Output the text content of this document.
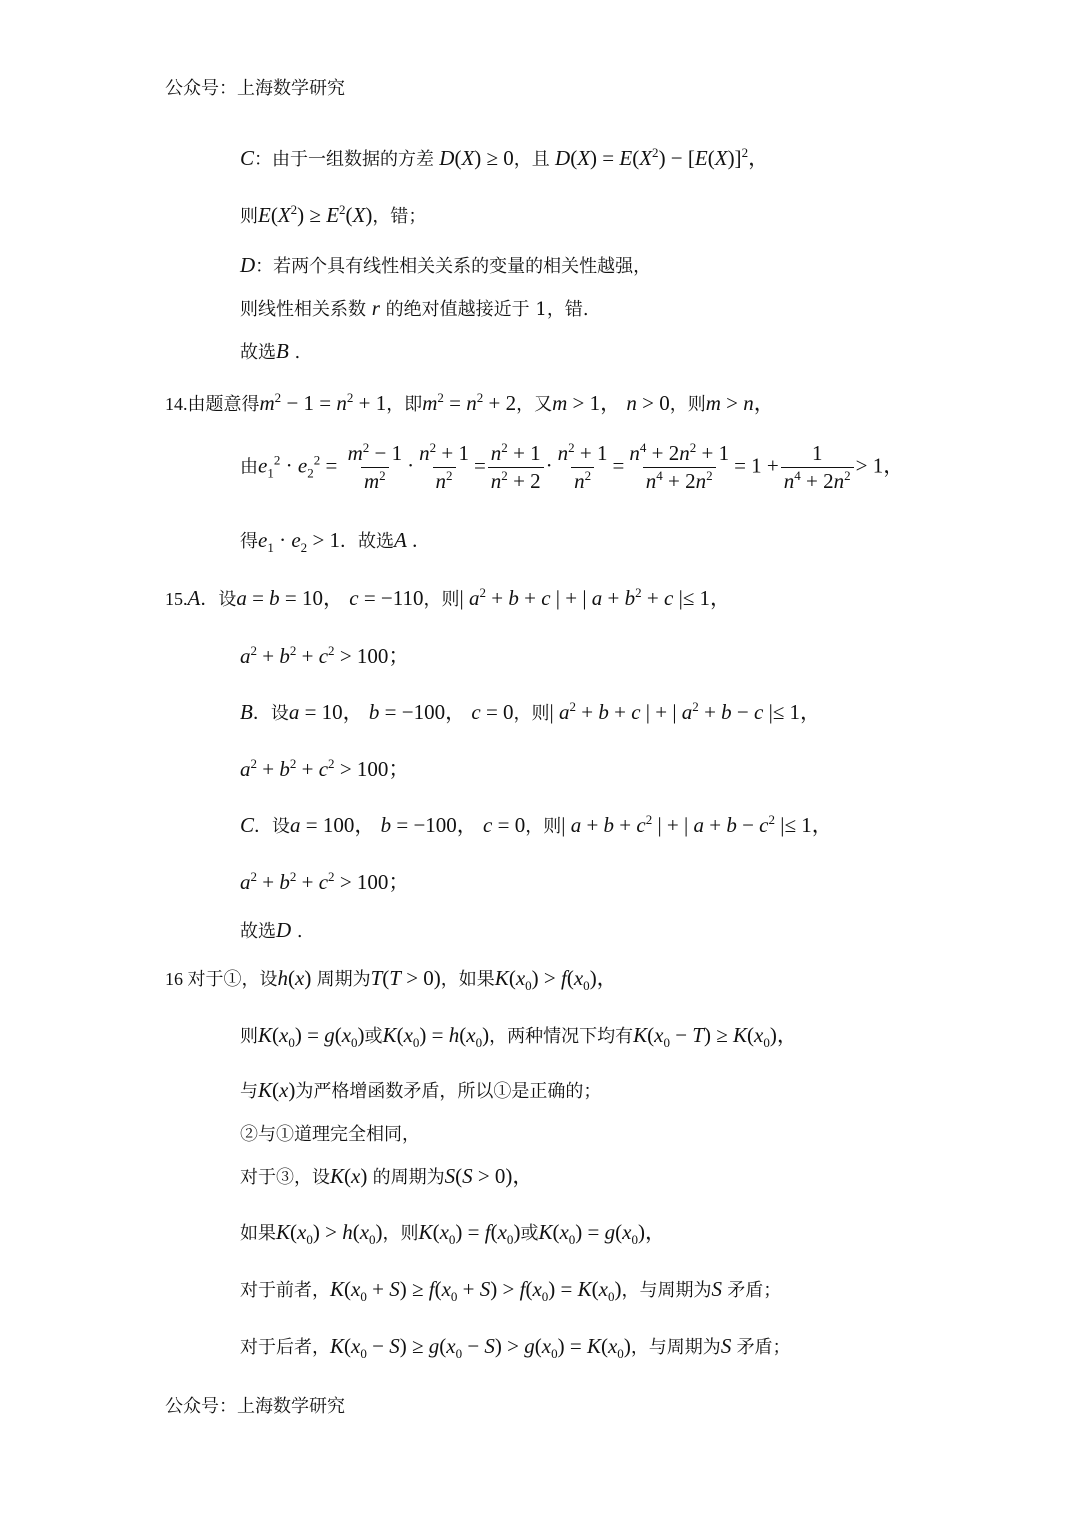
公众号：上海数学研究
C：由于一组数据的方差 D(X) ≥ 0，且 $D(X) = E(X^2) - [E(X)]^2$，
则$E(X^2) \ge E^2(X)$，错；
D：若两个具有线性相关关系的变量的相关性越强，
则线性相关系数 r 的绝对值越接近于 1，错.
故选B .
14.由题意得$m^2 - 1 = n^2 + 1$，即$m^2 = n^2 + 2$，又m > 1， n > 0，则m > n，
由$e_1^2 \cdot e_2^2 = \frac{m^2 - 1}{m^2} \cdot \frac{n^2 + 1}{n^2} = \frac{n^2 + 1}{n^2 + 2} \cdot \frac{n^2 + 1}{n^2} = \frac{n^4 + 2n^2 + 1}{n^4 + 2n^2} = 1 + \frac{1}{n^4 + 2n^2} > 1$，
得$e_1 \cdot e_2 > 1$．故选A .
15.A．设a = b = 10， c = −110，则| $a^2 + b + c$ | + | $a + b^2 + c$ |≤ 1，
$a^2 + b^2 + c^2 > 100$；
B．设a = 10， b = −100， c = 0，则| $a^2 + b + c$ | + | $a^2 + b - c$ |≤ 1，
$a^2 + b^2 + c^2 > 100$；
C．设a = 100， b = −100， c = 0，则| $a + b + c^2$ | + | $a + b - c^2$ |≤ 1，
$a^2 + b^2 + c^2 > 100$；
故选D .
16 对于①，设h(x) 周期为T(T > 0)，如果$K(x_0) > f(x_0)$，
则$K(x_0) = g(x_0)$或$K(x_0) = h(x_0)$，两种情况下均有$K(x_0 - T) \ge K(x_0)$，
与K(x)为严格增函数矛盾，所以①是正确的；
②与①道理完全相同，
对于③，设K(x) 的周期为S(S > 0)，
如果$K(x_0) > h(x_0)$，则$K(x_0) = f(x_0)$或$K(x_0) = g(x_0)$，
对于前者，$K(x_0 + S) \ge f(x_0 + S) > f(x_0) = K(x_0)$，与周期为S 矛盾；
对于后者，$K(x_0 - S) \ge g(x_0 - S) > g(x_0) = K(x_0)$，与周期为S 矛盾；
公众号：上海数学研究
